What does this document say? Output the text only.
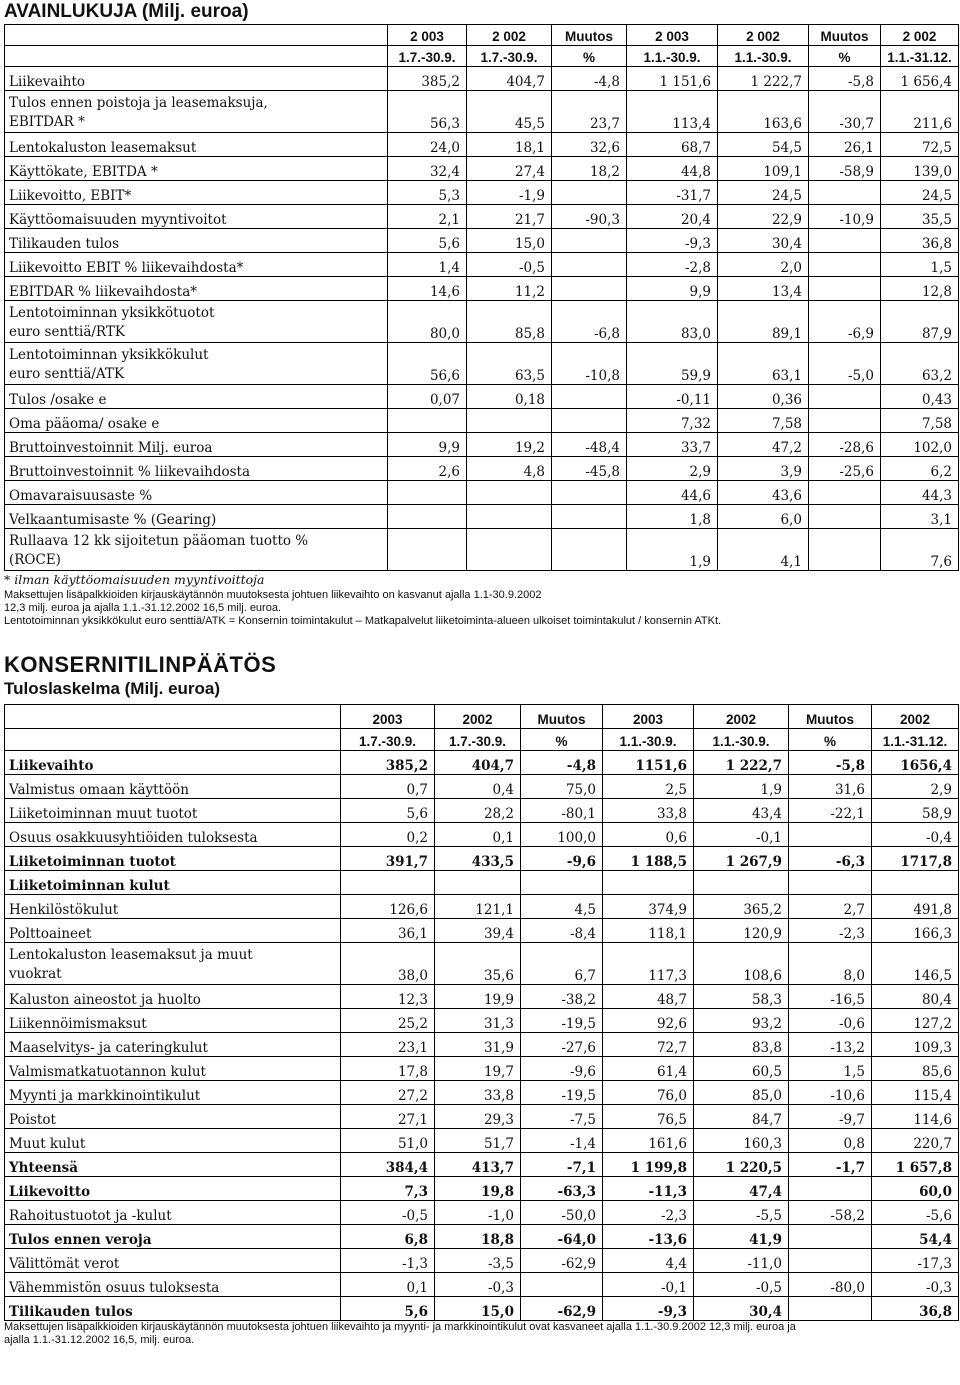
AVAINLUKUJA (Milj. euroa)
	2 003	2 002	Muutos	2 003	2 002	Muutos	2 002
	1.7.-30.9.	1.7.-30.9.	%	1.1.-30.9.	1.1.-30.9.	%	1.1.-31.12.

Liikevaihto	385,2	404,7	-4,8	1 151,6	1 222,7	-5,8	1 656,4

Tulos ennen poistoja ja leasemaksuja,
EBITDAR *	56,3	45,5	23,7	113,4	163,6	-30,7	211,6

Lentokaluston leasemaksut	24,0	18,1	32,6	68,7	54,5	26,1	72,5

Käyttökate, EBITDA *	32,4	27,4	18,2	44,8	109,1	-58,9	139,0

Liikevoitto, EBIT*	5,3	-1,9		-31,7	24,5		24,5

Käyttöomaisuuden myyntivoitot	2,1	21,7	-90,3	20,4	22,9	-10,9	35,5

Tilikauden tulos	5,6	15,0		-9,3	30,4		36,8

Liikevoitto EBIT % liikevaihdosta*	1,4	-0,5		-2,8	2,0		1,5

EBITDAR % liikevaihdosta*	14,6	11,2		9,9	13,4		12,8

Lentotoiminnan yksikkötuotot
euro senttiä/RTK	80,0	85,8	-6,8	83,0	89,1	-6,9	87,9

Lentotoiminnan yksikkökulut
euro senttiä/ATK	56,6	63,5	-10,8	59,9	63,1	-5,0	63,2

Tulos /osake e	0,07	0,18		-0,11	0,36		0,43

Oma pääoma/ osake e				7,32	7,58		7,58

Bruttoinvestoinnit Milj. euroa	9,9	19,2	-48,4	33,7	47,2	-28,6	102,0

Bruttoinvestoinnit % liikevaihdosta	2,6	4,8	-45,8	2,9	3,9	-25,6	6,2

Omavaraisuusaste %				44,6	43,6		44,3

Velkaantumisaste % (Gearing)				1,8	6,0		3,1

Rullaava 12 kk sijoitetun pääoman tuotto %
(ROCE)				1,9	4,1		7,6
* ilman käyttöomaisuuden myyntivoittoja
Maksettujen lisäpalkkioiden kirjauskäytännön muutoksesta johtuen liikevaihto on kasvanut ajalla 1.1-30.9.2002
12,3 milj. euroa ja ajalla 1.1.-31.12.2002 16,5 milj. euroa.
Lentotoiminnan yksikkökulut euro senttiä/ATK = Konsernin toimintakulut – Matkapalvelut liiketoiminta-alueen ulkoiset toimintakulut / konsernin ATKt.
KONSERNITILINPÄÄTÖS
Tuloslaskelma (Milj. euroa)
	2003	2002	Muutos	2003	2002	Muutos	2002
	1.7.-30.9.	1.7.-30.9.	%	1.1.-30.9.	1.1.-30.9.	%	1.1.-31.12.

Liikevaihto	385,2	404,7	-4,8	1151,6	1 222,7	-5,8	1656,4

Valmistus omaan käyttöön	0,7	0,4	75,0	2,5	1,9	31,6	2,9

Liiketoiminnan muut tuotot	5,6	28,2	-80,1	33,8	43,4	-22,1	58,9

Osuus osakkuusyhtiöiden tuloksesta	0,2	0,1	100,0	0,6	-0,1		-0,4

Liiketoiminnan tuotot	391,7	433,5	-9,6	1 188,5	1 267,9	-6,3	1717,8

Liiketoiminnan kulut							

Henkilöstökulut	126,6	121,1	4,5	374,9	365,2	2,7	491,8

Polttoaineet	36,1	39,4	-8,4	118,1	120,9	-2,3	166,3

Lentokaluston leasemaksut ja muut
vuokrat	38,0	35,6	6,7	117,3	108,6	8,0	146,5

Kaluston aineostot ja huolto	12,3	19,9	-38,2	48,7	58,3	-16,5	80,4

Liikennöimismaksut	25,2	31,3	-19,5	92,6	93,2	-0,6	127,2

Maaselvitys- ja cateringkulut	23,1	31,9	-27,6	72,7	83,8	-13,2	109,3

Valmismatkatuotannon kulut	17,8	19,7	-9,6	61,4	60,5	1,5	85,6

Myynti ja markkinointikulut	27,2	33,8	-19,5	76,0	85,0	-10,6	115,4

Poistot	27,1	29,3	-7,5	76,5	84,7	-9,7	114,6

Muut kulut	51,0	51,7	-1,4	161,6	160,3	0,8	220,7

Yhteensä	384,4	413,7	-7,1	1 199,8	1 220,5	-1,7	1 657,8

Liikevoitto	7,3	19,8	-63,3	-11,3	47,4		60,0

Rahoitustuotot ja -kulut	-0,5	-1,0	-50,0	-2,3	-5,5	-58,2	-5,6

Tulos ennen veroja	6,8	18,8	-64,0	-13,6	41,9		54,4

Välittömät verot	-1,3	-3,5	-62,9	4,4	-11,0		-17,3

Vähemmistön osuus tuloksesta	0,1	-0,3		-0,1	-0,5	-80,0	-0,3

Tilikauden tulos	5,6	15,0	-62,9	-9,3	30,4		36,8
Maksettujen lisäpalkkioiden kirjauskäytännön muutoksesta johtuen liikevaihto ja myynti- ja markkinointikulut ovat kasvaneet ajalla 1.1.-30.9.2002 12,3 milj. euroa ja
ajalla 1.1.-31.12.2002 16,5, milj. euroa.
